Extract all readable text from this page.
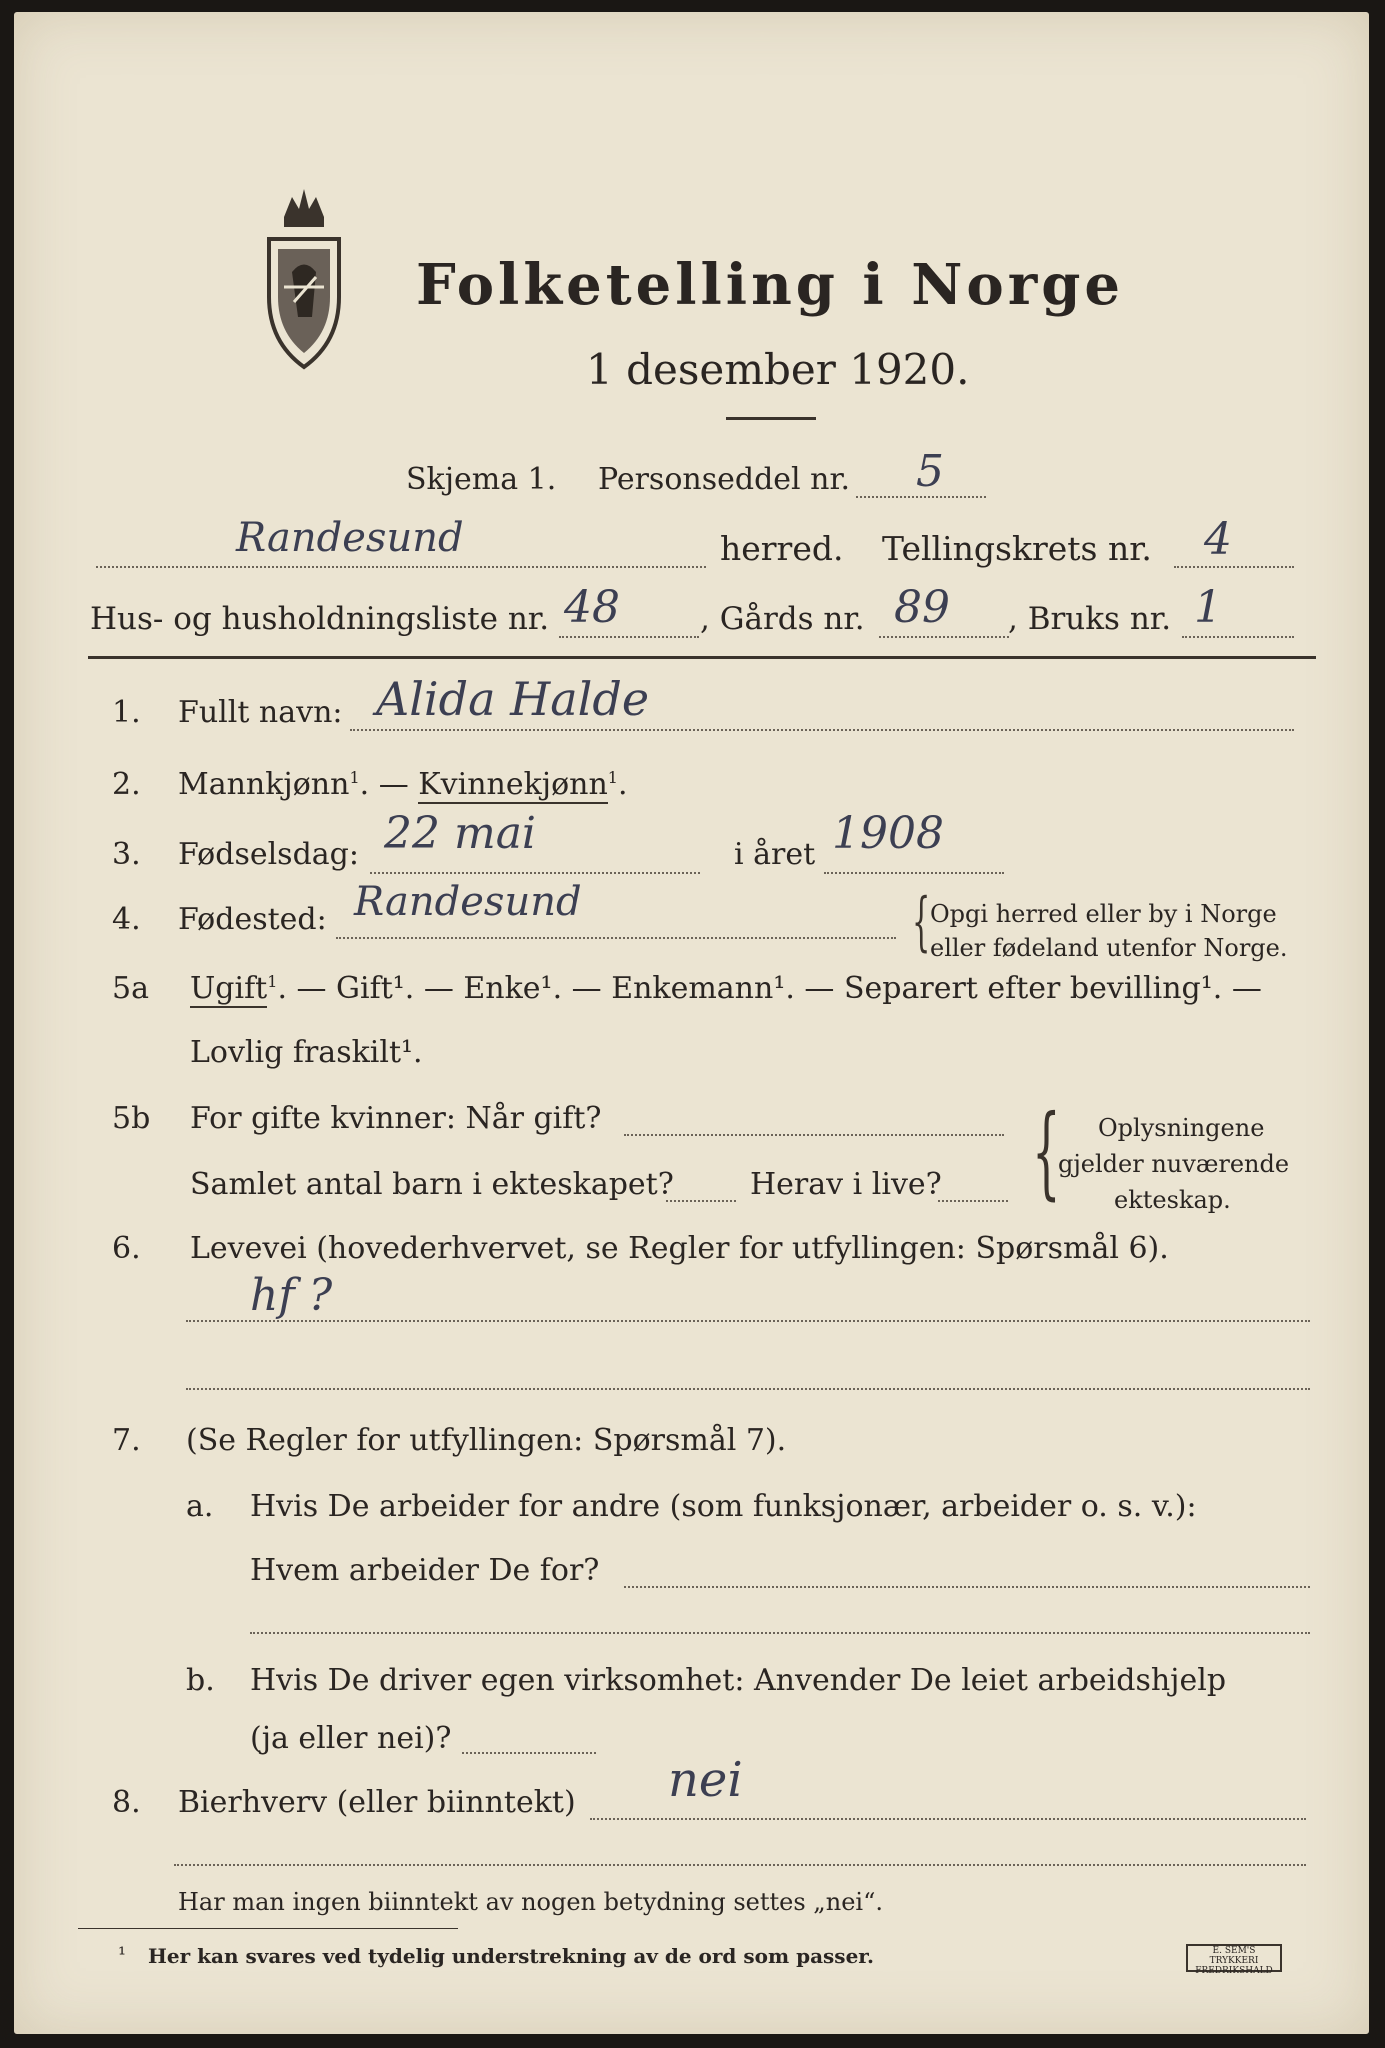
Folketelling i Norge
1 desember 1920.
Skjema 1. Personseddel nr. 5
Randesund	herred. Tellingskrets nr. 4
Hus- og husholdningsliste nr. 48	, Gårds nr. 89 , Bruks nr. 1
1. Fullt navn: Alida Halde
2. Mannkjønn$^1$. — Kvinnekjønn$^1$.
3. Fødselsdag: 22 mai	i året 1908
4. Fødested: Randesund	{ Opgi herred eller by i Norge
eller fødeland utenfor Norge.
5a Ugift$^1$. — Gift¹. — Enke¹. — Enkemann¹. — Separert efter bevilling¹. —
Lovlig fraskilt¹.
5b For gifte kvinner: Når gift?
Samlet antal barn i ekteskapet?	Herav i live? { Oplysningene
gjelder nuværende
ekteskap.
6. Levevei (hovederhvervet, se Regler for utfyllingen: Spørsmål 6).
hf ?
7. (Se Regler for utfyllingen: Spørsmål 7).
a. Hvis De arbeider for andre (som funksjonær, arbeider o. s. v.):
Hvem arbeider De for?
b. Hvis De driver egen virksomhet: Anvender De leiet arbeidshjelp
(ja eller nei)?
8. Bierhverv (eller biinntekt) nei
Har man ingen biinntekt av nogen betydning settes „nei“.
¹ Her kan svares ved tydelig understrekning av de ord som passer.	E. SEM'S TRYKKERI FREDRIKSHALD
